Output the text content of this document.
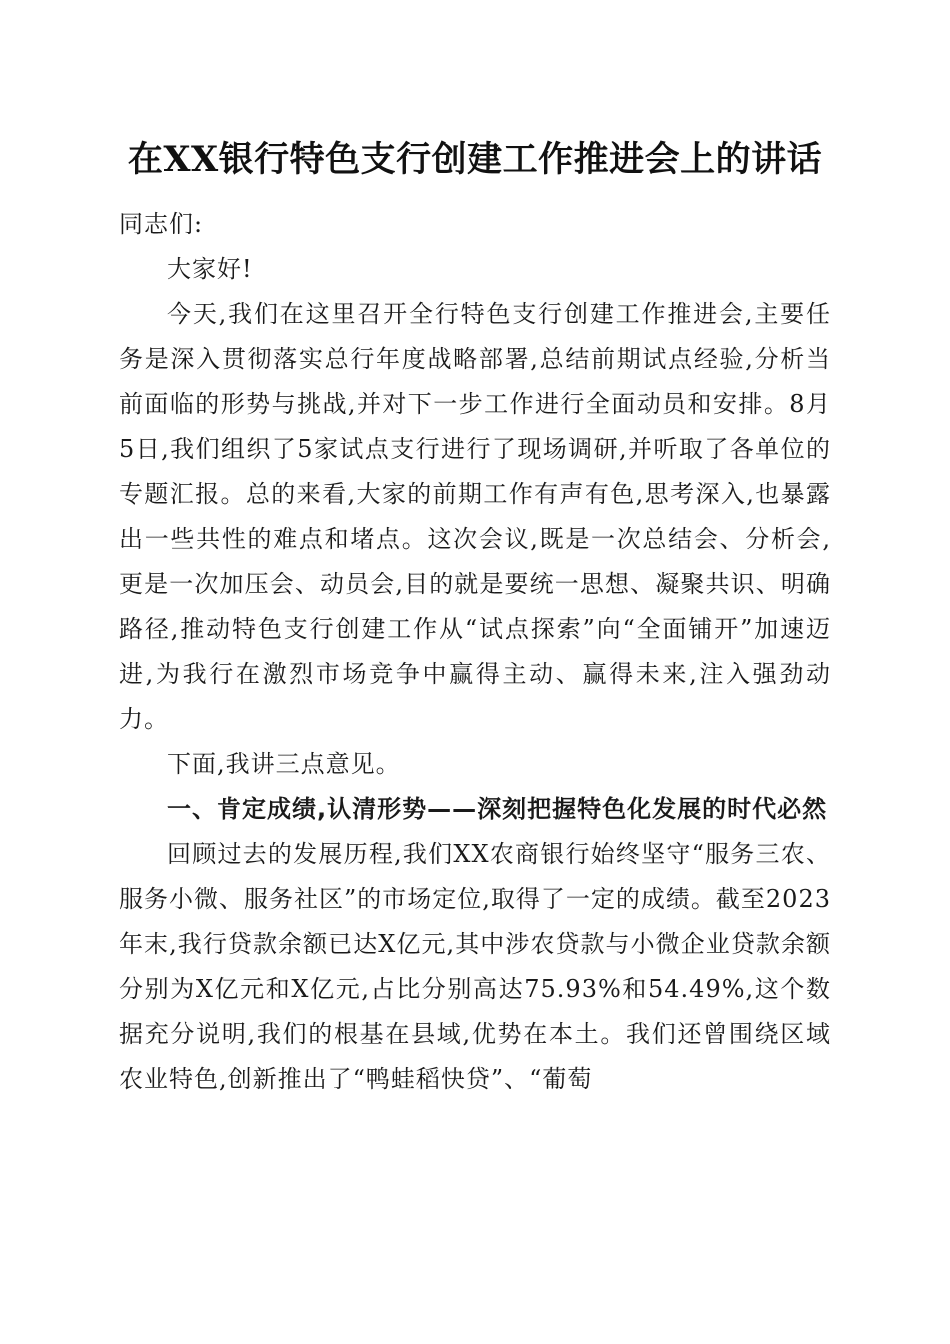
在XX银行特色支行创建工作推进会上的讲话

同志们:

大家好!

今天,我们在这里召开全行特色支行创建工作推进会,主要任务是深入贯彻落实总行年度战略部署,总结前期试点经验,分析当前面临的形势与挑战,并对下一步工作进行全面动员和安排。8月5日,我们组织了5家试点支行进行了现场调研,并听取了各单位的专题汇报。总的来看,大家的前期工作有声有色,思考深入,也暴露出一些共性的难点和堵点。这次会议,既是一次总结会、分析会,更是一次加压会、动员会,目的就是要统一思想、凝聚共识、明确路径,推动特色支行创建工作从“试点探索”向“全面铺开”加速迈进,为我行在激烈市场竞争中赢得主动、赢得未来,注入强劲动力。

下面,我讲三点意见。

一、肯定成绩,认清形势——深刻把握特色化发展的时代必然

回顾过去的发展历程,我们XX农商银行始终坚守“服务三农、服务小微、服务社区”的市场定位,取得了一定的成绩。截至2023年末,我行贷款余额已达X亿元,其中涉农贷款与小微企业贷款余额分别为X亿元和X亿元,占比分别高达75.93%和54.49%,这个数据充分说明,我们的根基在县域,优势在本土。我们还曾围绕区域农业特色,创新推出了“鸭蛙稻快贷”、“葡萄
